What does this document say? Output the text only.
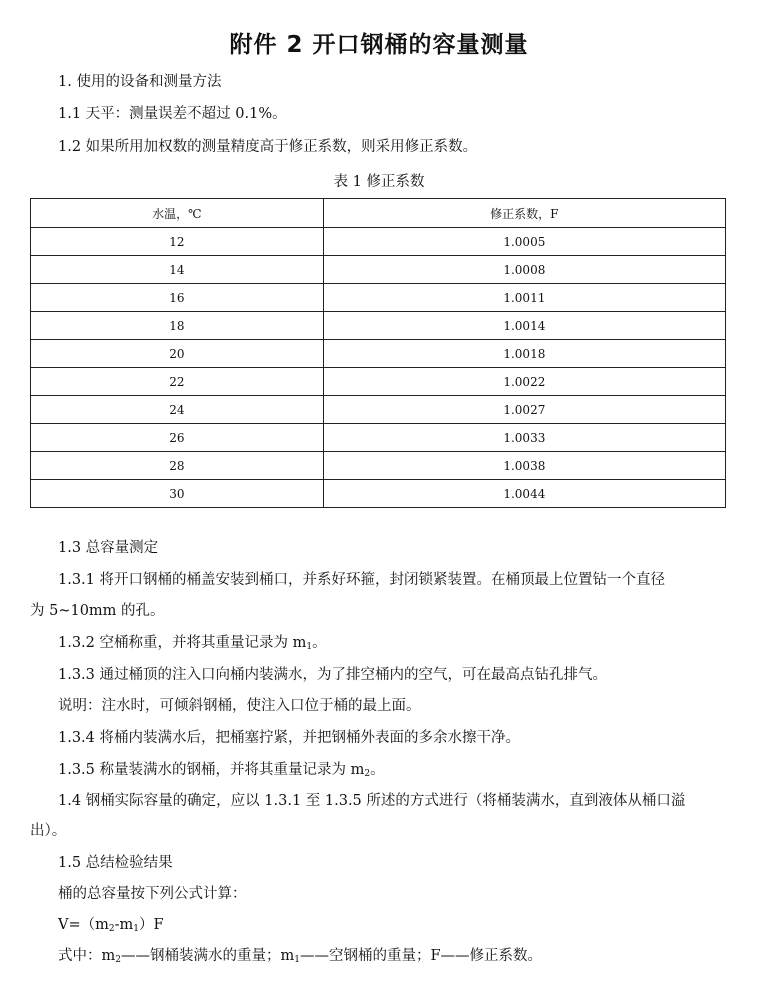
附件 2 开口钢桶的容量测量
1. 使用的设备和测量方法
1.1 天平：测量误差不超过 0.1%。
1.2 如果所用加权数的测量精度高于修正系数，则采用修正系数。
表 1 修正系数
水温，℃	修正系数，F
12	1.0005
14	1.0008
16	1.0011
18	1.0014
20	1.0018
22	1.0022
24	1.0027
26	1.0033
28	1.0038
30	1.0044
1.3 总容量测定
1.3.1 将开口钢桶的桶盖安装到桶口，并系好环箍，封闭锁紧装置。在桶顶最上位置钻一个直径
为 5~10mm 的孔。
1.3.2 空桶称重，并将其重量记录为 $m_1$。
1.3.3 通过桶顶的注入口向桶内装满水，为了排空桶内的空气，可在最高点钻孔排气。
说明：注水时，可倾斜钢桶，使注入口位于桶的最上面。
1.3.4 将桶内装满水后，把桶塞拧紧，并把钢桶外表面的多余水擦干净。
1.3.5 称量装满水的钢桶，并将其重量记录为 $m_2$。
1.4 钢桶实际容量的确定，应以 1.3.1 至 1.3.5 所述的方式进行（将桶装满水，直到液体从桶口溢
出）。
1.5 总结检验结果
桶的总容量按下列公式计算：
$V=(m_2-m_1)F$
式中：$m_2——$钢桶装满水的重量；$m_1——$空钢桶的重量；F——修正系数。
